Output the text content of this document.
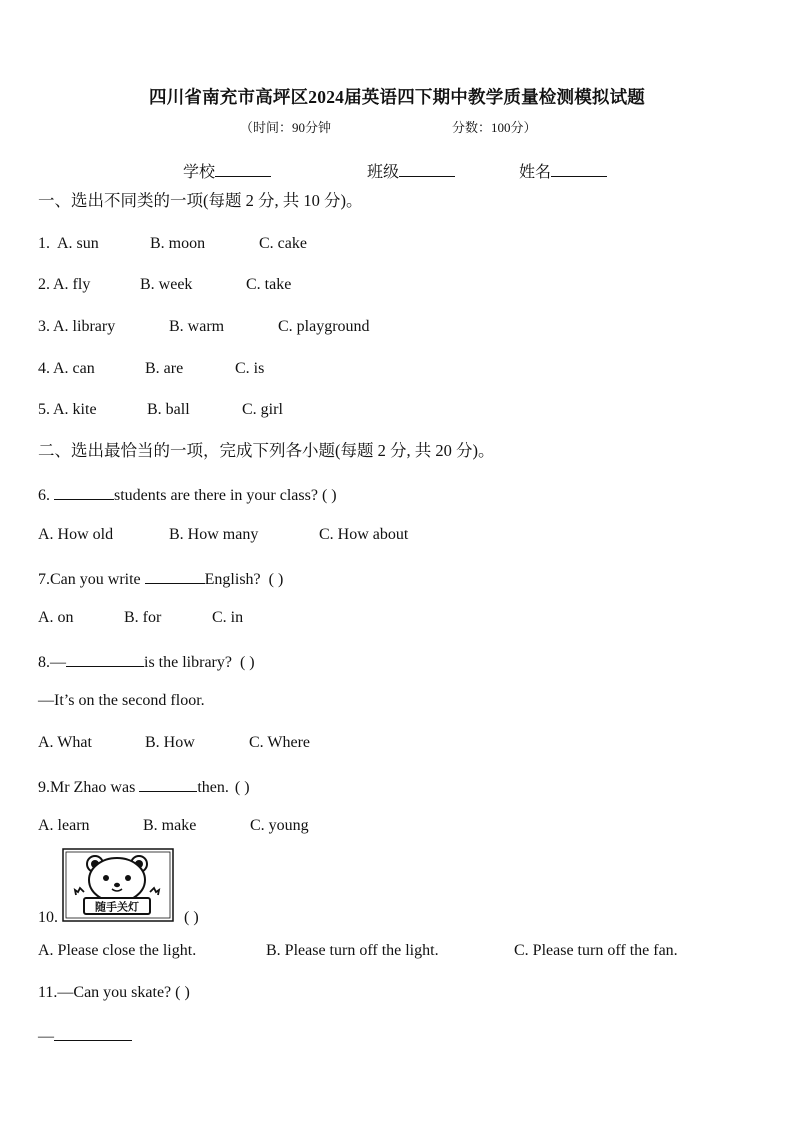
四川省南充市高坪区2024届英语四下期中教学质量检测模拟试题
（时间：90分钟	分数：100分）
学校	班级	姓名
一、选出不同类的一项(每题 2 分, 共 10 分)。
1. A. sun	B. moon	C. cake
2. A. fly	B. week	C. take
3. A. library	B. warm	C. playground
4. A. can	B. are	C. is
5. A. kite	B. ball	C. girl
二、选出最恰当的一项，完成下列各小题(每题 2 分, 共 20 分)。
6.	students are there in your class? ( )
A. How old	B. How many	C. How about
7.Can you write	English? ( )
A. on	B. for	C. in
8.—	is the library? ( )
—It’s on the second floor.
A. What	B. How	C. Where
9.Mr Zhao was	then. ( )
A. learn	B. make	C. young
随手关灯
10.	( )
A. Please close the light.	B. Please turn off the light.	C. Please turn off the fan.
11.—Can you skate? ( )
—
